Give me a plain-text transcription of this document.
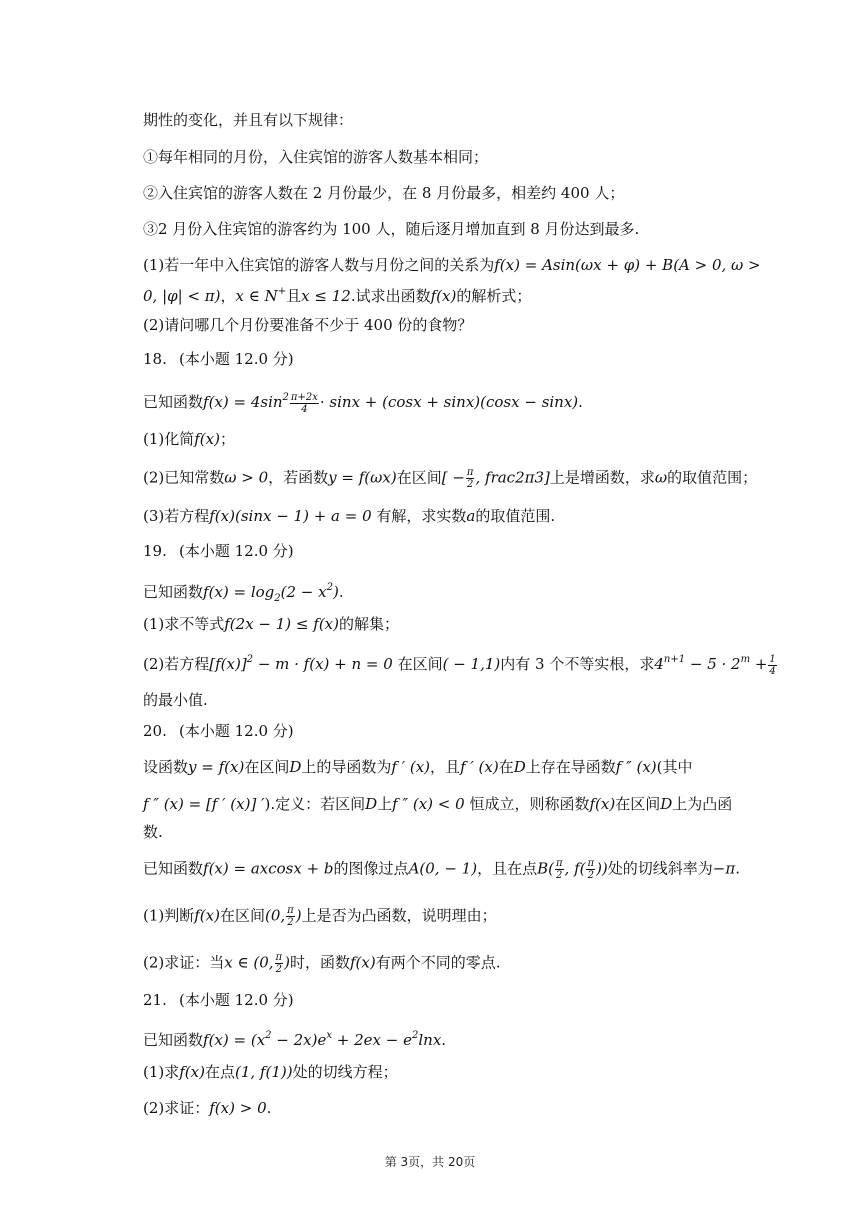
期性的变化，并且有以下规律：
①每年相同的月份，入住宾馆的游客人数基本相同；
②入住宾馆的游客人数在 2 月份最少，在 8 月份最多，相差约 400 人；
③2 月份入住宾馆的游客约为 100 人，随后逐月增加直到 8 月份达到最多.
(1)若一年中入住宾馆的游客人数与月份之间的关系为f(x) = Asin(ωx + φ) + B(A > 0, ω >
0, |φ| < π)，x ∈ N+且x ≤ 12.试求出函数f(x)的解析式；
(2)请问哪几个月份要准备不少于 400 份的食物？
18. (本小题 12.0 分)
已知函数$f(x) = 4\sin^2 \frac{\pi+2x}{4} \cdot \sin x + (\cos x + \sin x)(\cos x - \sin x)$.
(1)化简f(x)；
(2)已知常数ω > 0，若函数y = f(ωx)在区间[ − $\frac{\pi}{2}$ , frac2π3]上是增函数，求ω的取值范围；
(3)若方程f(x)(sinx − 1) + a = 0 有解，求实数a的取值范围.
19. (本小题 12.0 分)
已知函数$f(x) = \log_2(2 - x^2)$.
(1)求不等式f(2x − 1) ≤ f(x)的解集；
(2)若方程$[f(x)]^2 - m \cdot f(x) + n = 0$ 在区间( − 1,1)内有 3 个不等实根，求$4^{n+1} - 5 \cdot 2^m + \frac{1}{4}$
的最小值.
20. (本小题 12.0 分)
设函数y = f(x)在区间D上的导函数为f ′ (x)，且f ′ (x)在D上存在导函数f ″ (x)(其中
f ″ (x) = [f ′ (x)] ′).定义：若区间D上f ″ (x) < 0 恒成立，则称函数f(x)在区间D上为凸函
数.
已知函数f(x) = axcosx + b的图像过点A(0, − 1)，且在点$B( \frac{\pi}{2}$ , $f( \frac{\pi}{2}$ ))处的切线斜率为−π.
(1)判断f(x)在区间(0, $\frac{\pi}{2}$ )上是否为凸函数，说明理由；
(2)求证：当x ∈ (0, $\frac{\pi}{2}$ )时，函数f(x)有两个不同的零点.
21. (本小题 12.0 分)
已知函数$f(x) = (x^2 - 2x)e^x + 2ex - e^2\ln x$.
(1)求f(x)在点(1, f(1))处的切线方程；
(2)求证：f(x) > 0.
第 3页，共 20页
